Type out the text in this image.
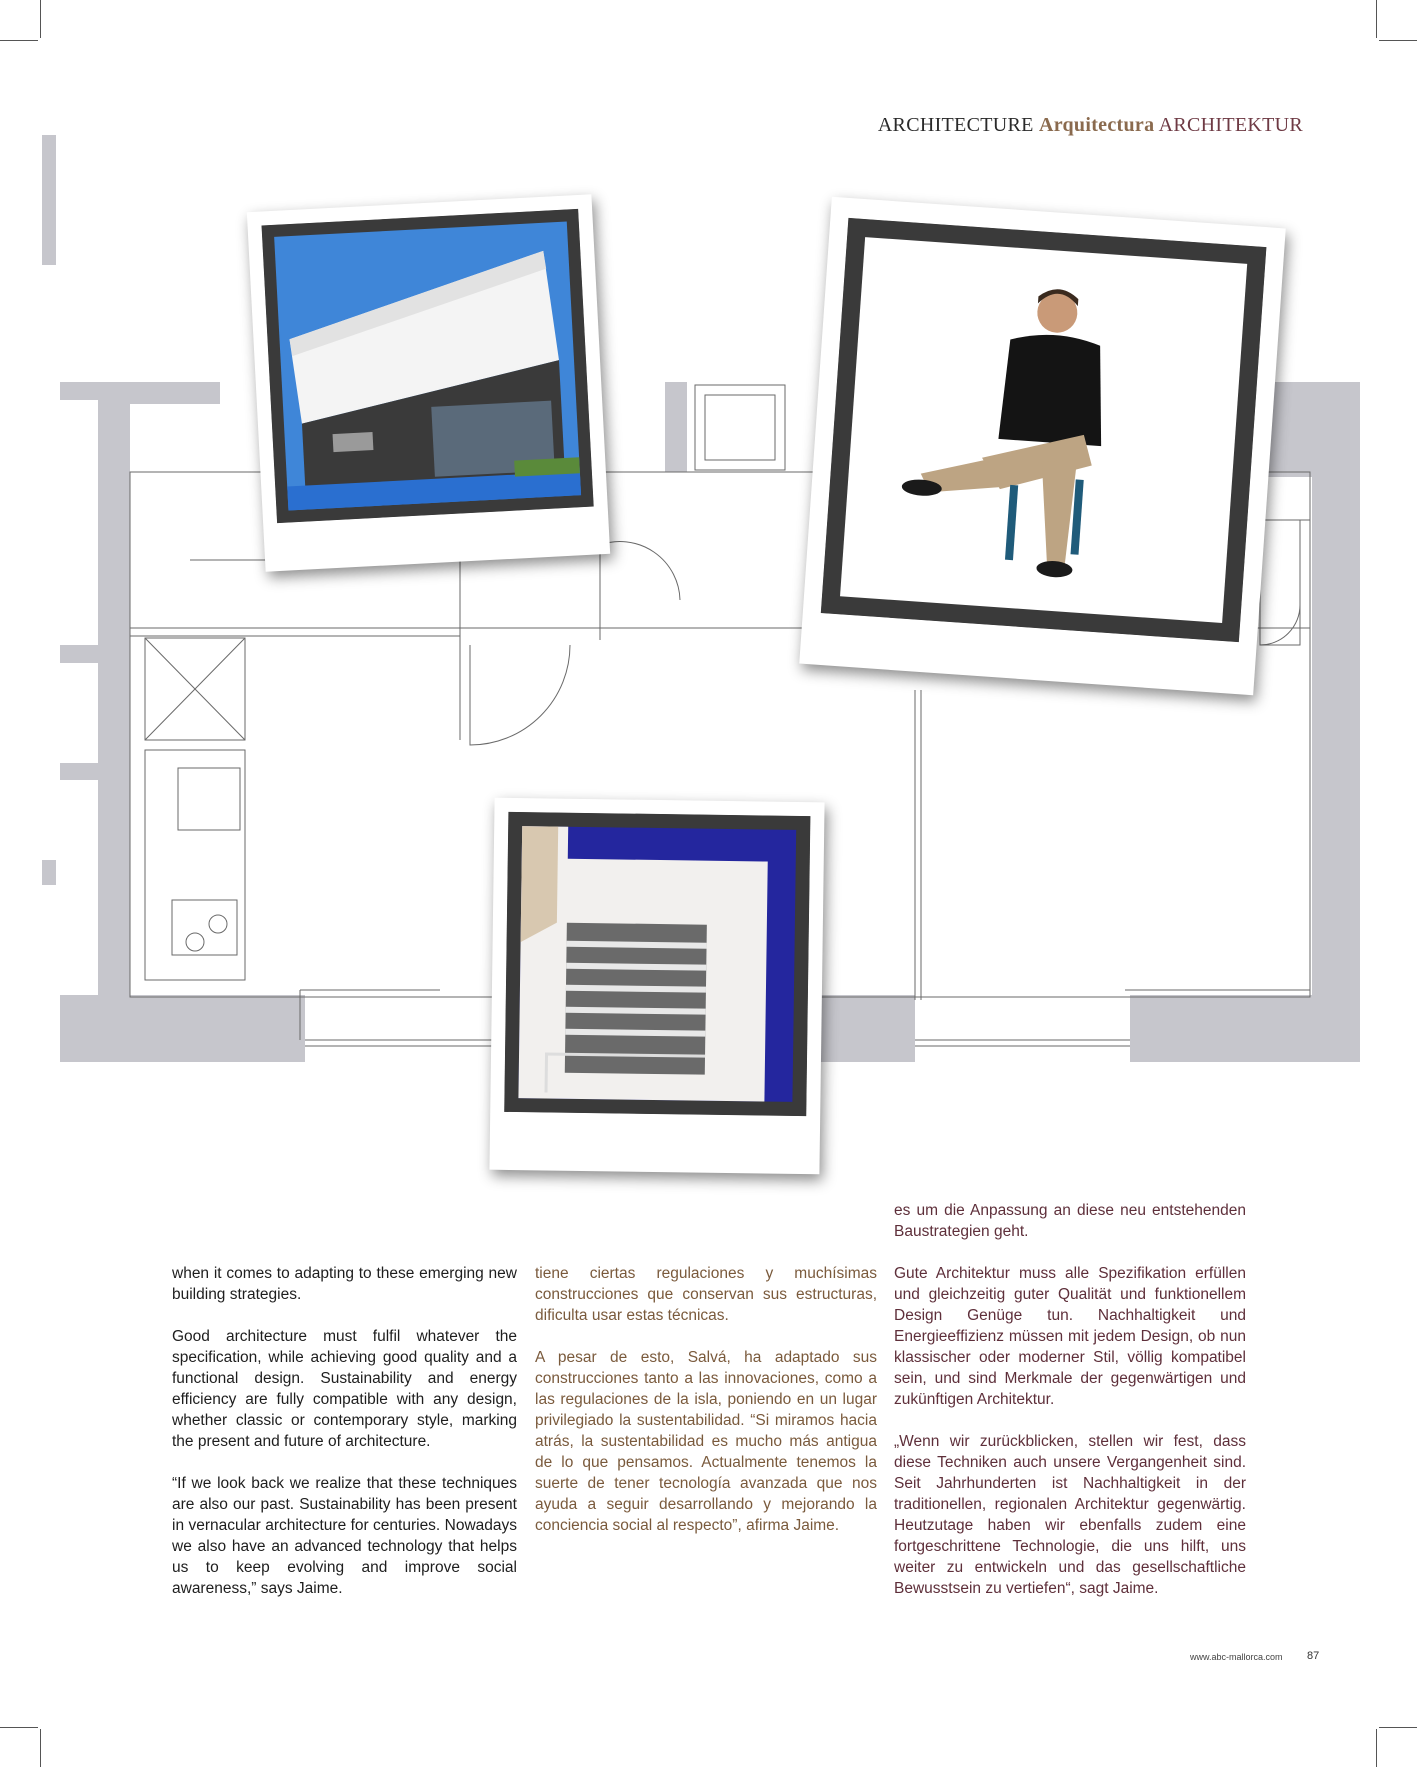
ARCHITECTURE Arquitectura ARCHITEKTUR

when it comes to adapting to these emerging new building strategies.

Good architecture must fulfil whatever the specification, while achieving good quality and a functional design. Sustainability and energy efficiency are fully compatible with any design, whether classic or contemporary style, marking the present and future of architecture.

“If we look back we realize that these techniques are also our past. Sustainability has been present in vernacular architecture for centuries. Nowadays we also have an advanced technology that helps us to keep evolving and improve social awareness,” says Jaime.

tiene ciertas regulaciones y muchísimas construcciones que conservan sus estructuras, dificulta usar estas técnicas.

A pesar de esto, Salvá, ha adaptado sus construcciones tanto a las innovaciones, como a las regulaciones de la isla, poniendo en un lugar privilegiado la sustentabilidad. “Si miramos hacia atrás, la sustentabilidad es mucho más antigua de lo que pensamos. Actualmente tenemos la suerte de tener tecnología avanzada que nos ayuda a seguir desarrollando y mejorando la conciencia social al respecto”, afirma Jaime.

es um die Anpassung an diese neu entstehenden Baustrategien geht.

Gute Architektur muss alle Spezifikation erfüllen und gleichzeitig guter Qualität und funktionellem Design Genüge tun. Nachhaltigkeit und Energieeffizienz müssen mit jedem Design, ob nun klassischer oder moderner Stil, völlig kompatibel sein, und sind Merkmale der gegenwärtigen und zukünftigen Architektur.

„Wenn wir zurückblicken, stellen wir fest, dass diese Techniken auch unsere Vergangenheit sind. Seit Jahrhunderten ist Nachhaltigkeit in der traditionellen, regionalen Architektur gegenwärtig. Heutzutage haben wir ebenfalls zudem eine fortgeschrittene Technologie, die uns hilft, uns weiter zu entwickeln und das gesellschaftliche Bewusstsein zu vertiefen“, sagt Jaime.

www.abc-mallorca.com 87
